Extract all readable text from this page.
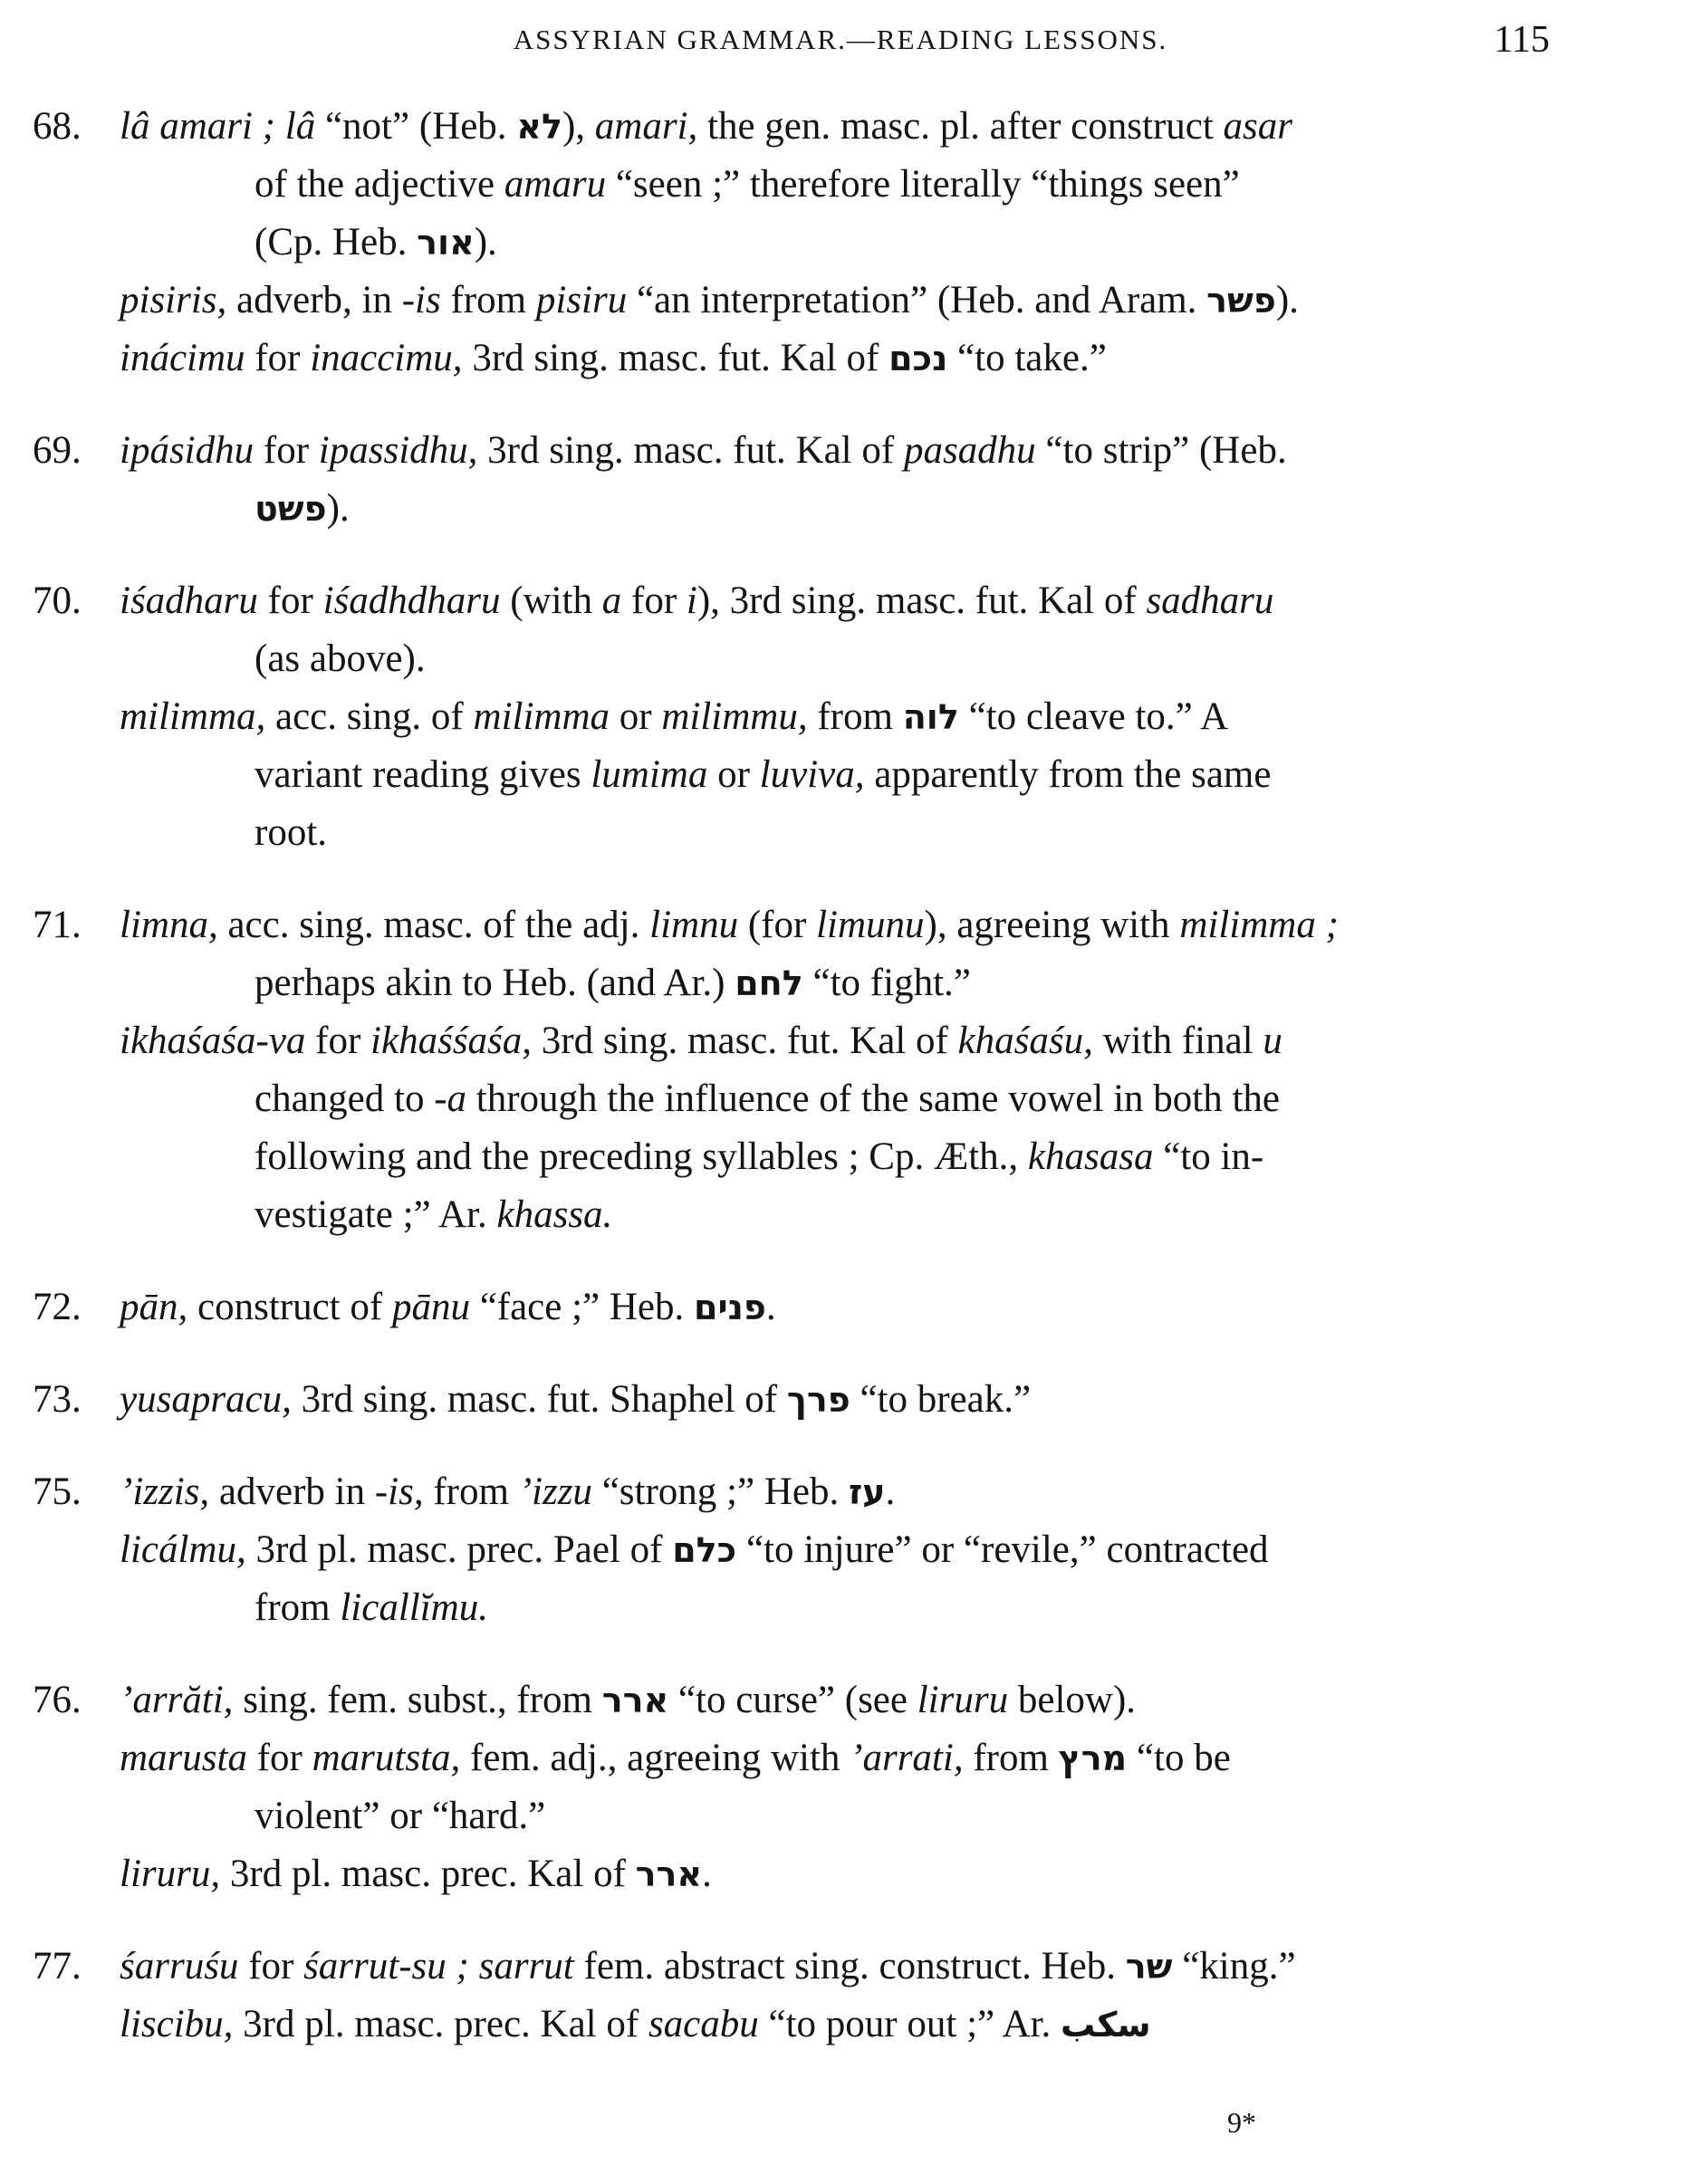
ASSYRIAN GRAMMAR.—READING LESSONS.	115
68. lâ amari ; lâ “not” (Heb. לא), amari, the gen. masc. pl. after construct asar
of the adjective amaru “seen ;” therefore literally “things seen”
(Cp. Heb. אור).
pisiris, adverb, in -is from pisiru “an interpretation” (Heb. and Aram. פשר).
inácimu for inaccimu, 3rd sing. masc. fut. Kal of נכם “to take.”
69. ipásidhu for ipassidhu, 3rd sing. masc. fut. Kal of pasadhu “to strip” (Heb.
פשט).
70. iśadharu for iśadhdharu (with a for i), 3rd sing. masc. fut. Kal of sadharu
(as above).
milimma, acc. sing. of milimma or milimmu, from לוה “to cleave to.” A
variant reading gives lumima or luviva, apparently from the same
root.
71. limna, acc. sing. masc. of the adj. limnu (for limunu), agreeing with milimma ;
perhaps akin to Heb. (and Ar.) לחם “to fight.”
ikhaśaśa-va for ikhaśśaśa, 3rd sing. masc. fut. Kal of khaśaśu, with final u
changed to -a through the influence of the same vowel in both the
following and the preceding syllables ; Cp. Æth., khasasa “to in-
vestigate ;” Ar. khassa.
72. pān, construct of pānu “face ;” Heb. פנים.
73. yusapracu, 3rd sing. masc. fut. Shaphel of פרך “to break.”
75. ’izzis, adverb in -is, from ’izzu “strong ;” Heb. עז.
licálmu, 3rd pl. masc. prec. Pael of כלם “to injure” or “revile,” contracted
from licallĭmu.
76. ’arrăti, sing. fem. subst., from ארר “to curse” (see liruru below).
marusta for marutsta, fem. adj., agreeing with ’arrati, from מרץ “to be
violent” or “hard.”
liruru, 3rd pl. masc. prec. Kal of ארר.
77. śarruśu for śarrut-su ; sarrut fem. abstract sing. construct. Heb. שר “king.”
liscibu, 3rd pl. masc. prec. Kal of sacabu “to pour out ;” Ar. سكب
9*
